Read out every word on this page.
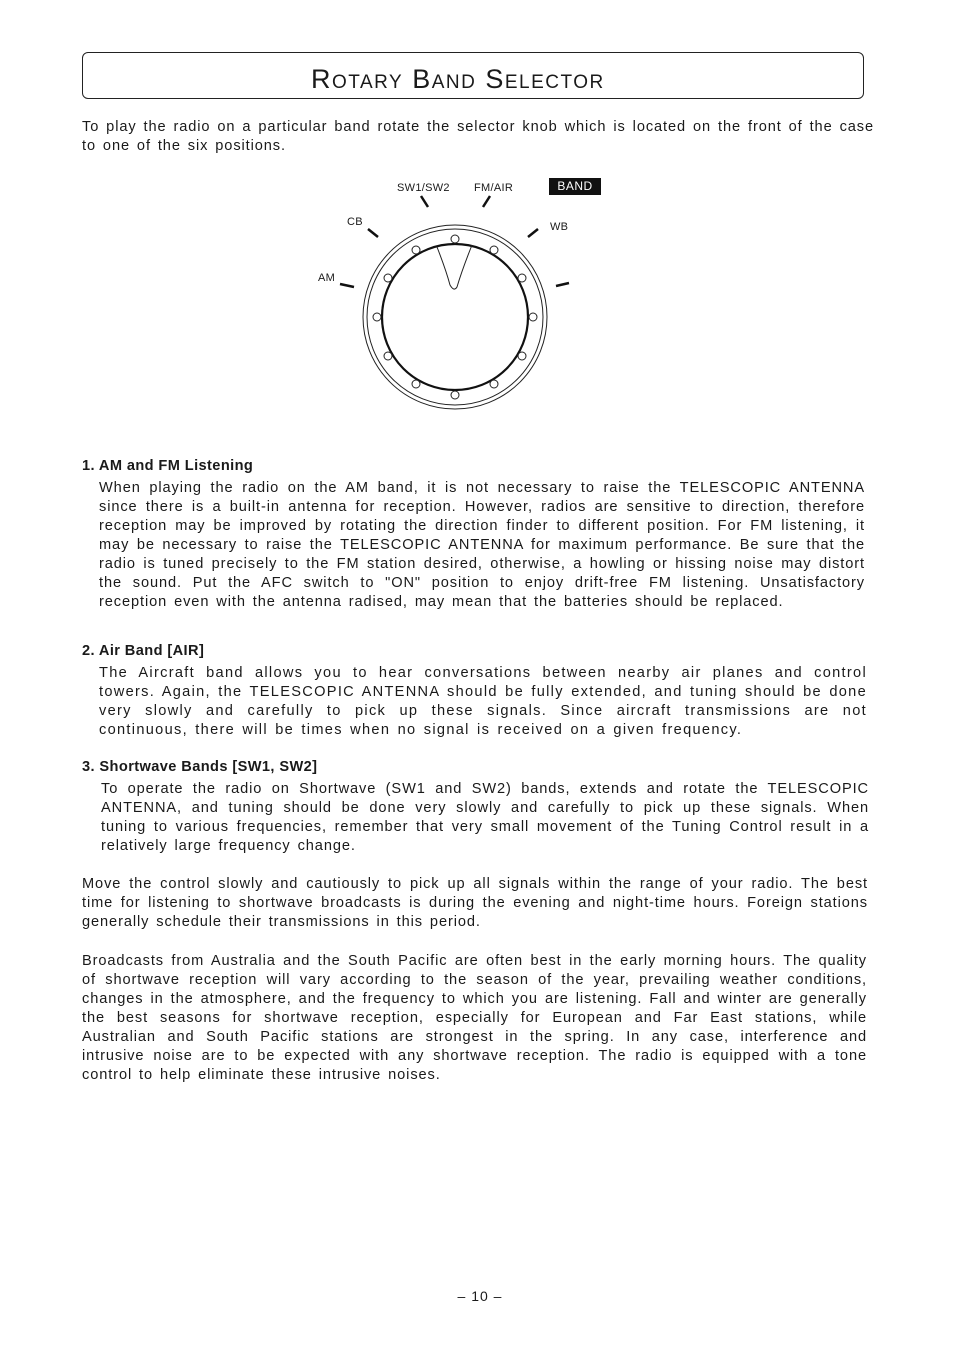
Rotary Band Selector
To play the radio on a particular band rotate the selector knob which is located on the front of the case to one of the six positions.
SW1/SW2 FM/AIR	BAND
CB	WB
AM
1. AM and FM Listening
When playing the radio on the AM band, it is not necessary to raise the TELESCOPIC ANTENNA since there is a built-in antenna for reception. However, radios are sensitive to direction, therefore reception may be improved by rotating the direction finder to different position. For FM listening, it may be necessary to raise the TELESCOPIC ANTENNA for maximum performance. Be sure that the radio is tuned precisely to the FM station desired, otherwise, a howling or hissing noise may distort the sound. Put the AFC switch to "ON" position to enjoy drift-free FM listening. Unsatisfactory reception even with the antenna radised, may mean that the batteries should be replaced.
2. Air Band [AIR]
The Aircraft band allows you to hear conversations between nearby air planes and control towers. Again, the TELESCOPIC ANTENNA should be fully extended, and tuning should be done very slowly and carefully to pick up these signals. Since aircraft transmissions are not continuous, there will be times when no signal is received on a given frequency.
3. Shortwave Bands [SW1, SW2]
To operate the radio on Shortwave (SW1 and SW2) bands, extends and rotate the TELESCOPIC ANTENNA, and tuning should be done very slowly and carefully to pick up these signals. When tuning to various frequencies, remember that very small movement of the Tuning Control result in a relatively large frequency change.
Move the control slowly and cautiously to pick up all signals within the range of your radio. The best time for listening to shortwave broadcasts is during the evening and night-time hours. Foreign stations generally schedule their transmissions in this period.
Broadcasts from Australia and the South Pacific are often best in the early morning hours. The quality of shortwave reception will vary according to the season of the year, prevailing weather conditions, changes in the atmosphere, and the frequency to which you are listening. Fall and winter are generally the best seasons for shortwave reception, especially for European and Far East stations, while Australian and South Pacific stations are strongest in the spring. In any case, interference and intrusive noise are to be expected with any shortwave reception. The radio is equipped with a tone control to help eliminate these intrusive noises.
– 10 –
